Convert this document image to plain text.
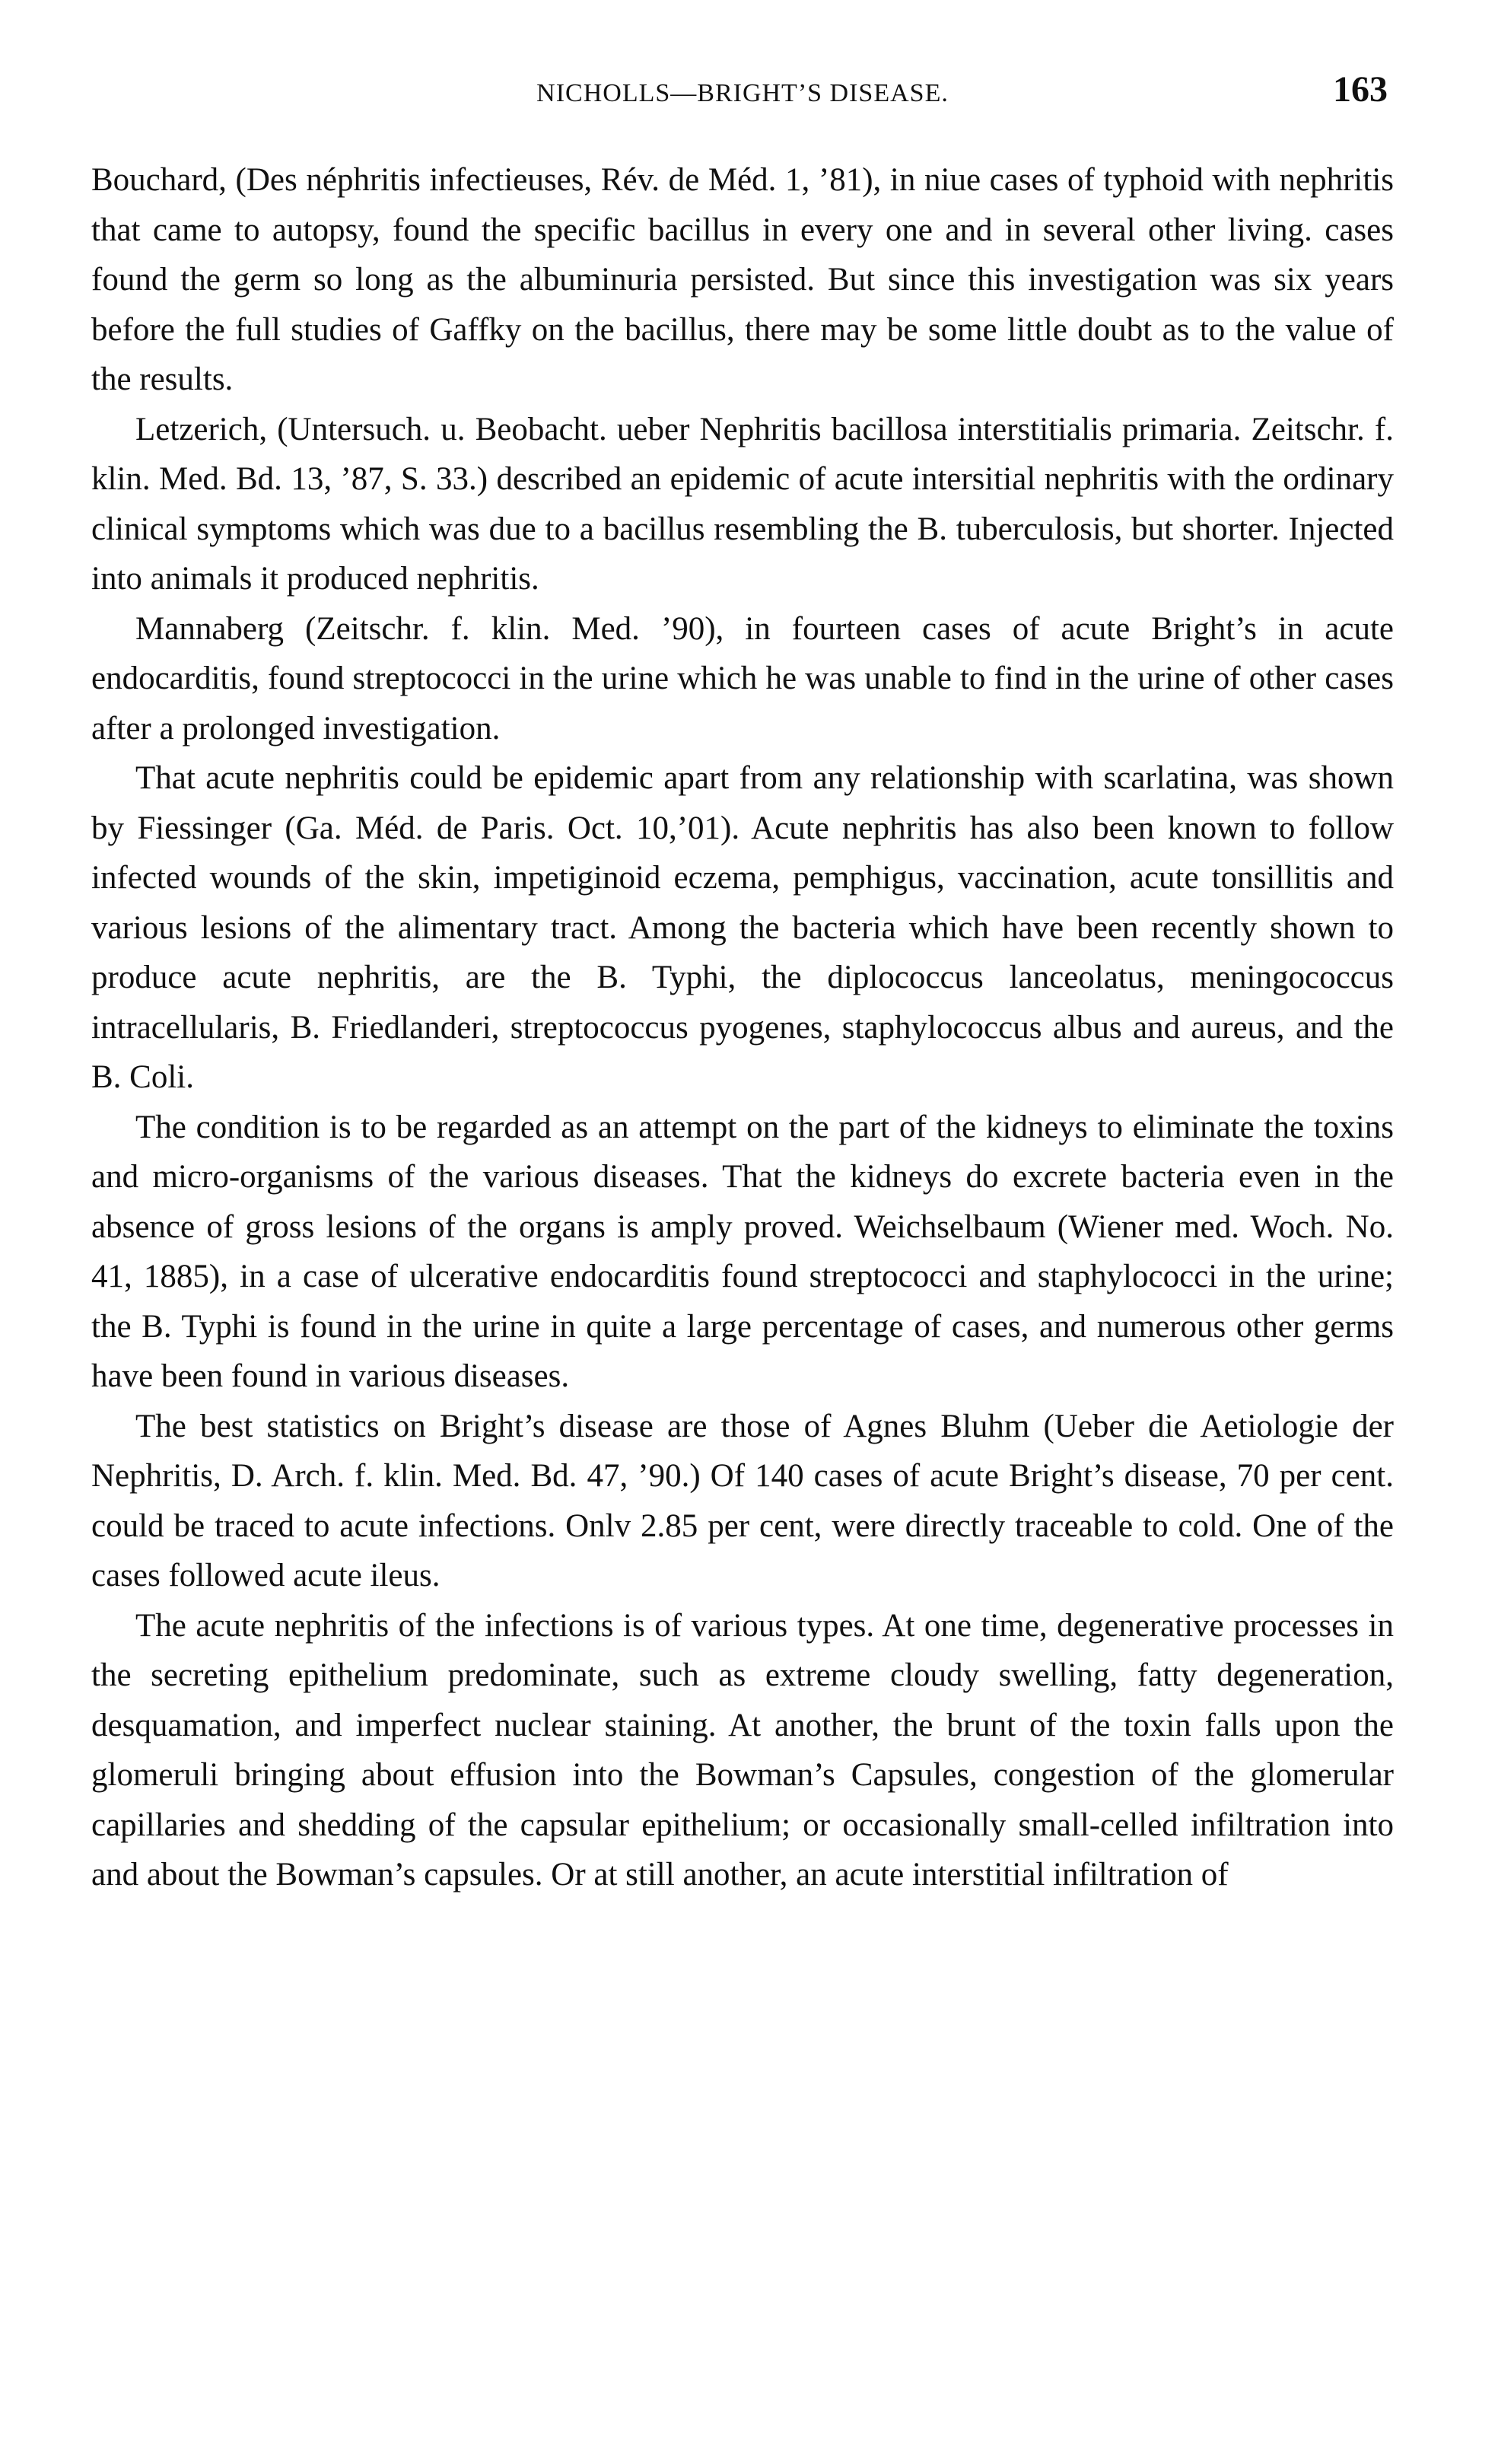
NICHOLLS—BRIGHT’S DISEASE.	163

Bouchard, (Des néphritis infectieuses, Rév. de Méd. 1, ’81), in niue cases of typhoid with nephritis that came to autopsy, found the specific bacillus in every one and in several other living. cases found the germ so long as the albuminuria persisted. But since this investigation was six years before the full studies of Gaffky on the bacillus, there may be some little doubt as to the value of the results.

Letzerich, (Untersuch. u. Beobacht. ueber Nephritis bacillosa interstitialis primaria. Zeitschr. f. klin. Med. Bd. 13, ’87, S. 33.) described an epidemic of acute intersitial nephritis with the ordinary clinical symptoms which was due to a bacillus resembling the B. tuberculosis, but shorter. Injected into animals it produced nephritis.

Mannaberg (Zeitschr. f. klin. Med. ’90), in fourteen cases of acute Bright’s in acute endocarditis, found streptococci in the urine which he was unable to find in the urine of other cases after a prolonged investigation.

That acute nephritis could be epidemic apart from any relationship with scarlatina, was shown by Fiessinger (Ga. Méd. de Paris. Oct. 10,’01). Acute nephritis has also been known to follow infected wounds of the skin, impetiginoid eczema, pemphigus, vaccination, acute tonsillitis and various lesions of the alimentary tract. Among the bacteria which have been recently shown to produce acute nephritis, are the B. Typhi, the diplococcus lanceolatus, meningococcus intracellularis, B. Friedlanderi, streptococcus pyogenes, staphylococcus albus and aureus, and the B. Coli.

The condition is to be regarded as an attempt on the part of the kidneys to eliminate the toxins and micro-organisms of the various diseases. That the kidneys do excrete bacteria even in the absence of gross lesions of the organs is amply proved. Weichselbaum (Wiener med. Woch. No. 41, 1885), in a case of ulcerative endocarditis found streptococci and staphylococci in the urine; the B. Typhi is found in the urine in quite a large percentage of cases, and numerous other germs have been found in various diseases.

The best statistics on Bright’s disease are those of Agnes Bluhm (Ueber die Aetiologie der Nephritis, D. Arch. f. klin. Med. Bd. 47, ’90.) Of 140 cases of acute Bright’s disease, 70 per cent. could be traced to acute infections. Onlv 2.85 per cent, were directly traceable to cold. One of the cases followed acute ileus.

The acute nephritis of the infections is of various types. At one time, degenerative processes in the secreting epithelium predominate, such as extreme cloudy swelling, fatty degeneration, desquamation, and imperfect nuclear staining. At another, the brunt of the toxin falls upon the glomeruli bringing about effusion into the Bowman’s Capsules, congestion of the glomerular capillaries and shedding of the capsular epithelium; or occasionally small-celled infiltration into and about the Bowman’s capsules. Or at still another, an acute interstitial infiltration of
